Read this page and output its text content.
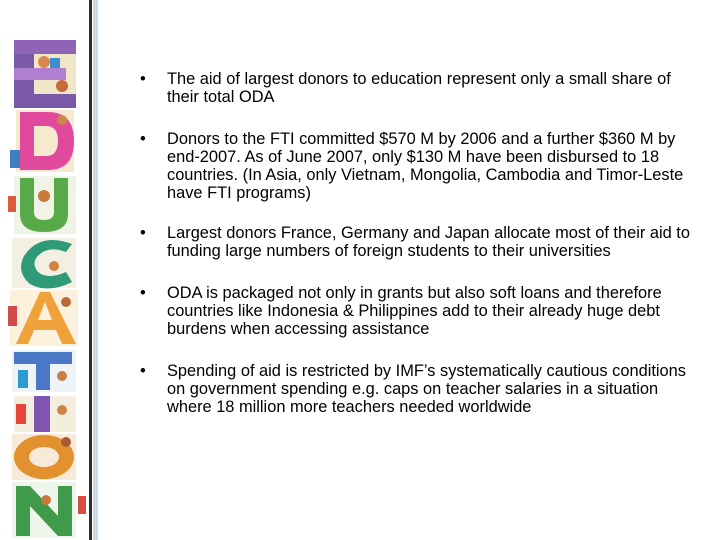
• The aid of largest donors to education represent only a small share of their total ODA
• Donors to the FTI committed $570 M by 2006 and a further $360 M by end-2007. As of June 2007, only $130 M have been disbursed to 18 countries. (In Asia, only Vietnam, Mongolia, Cambodia and Timor-Leste have FTI programs)
• Largest donors France, Germany and Japan allocate most of their aid to funding large numbers of foreign students to their universities
• ODA is packaged not only in grants but also soft loans and therefore countries like Indonesia & Philippines add to their already huge debt burdens when accessing assistance
• Spending of aid is restricted by IMF’s systematically cautious conditions on government spending e.g. caps on teacher salaries in a situation where 18 million more teachers needed worldwide
